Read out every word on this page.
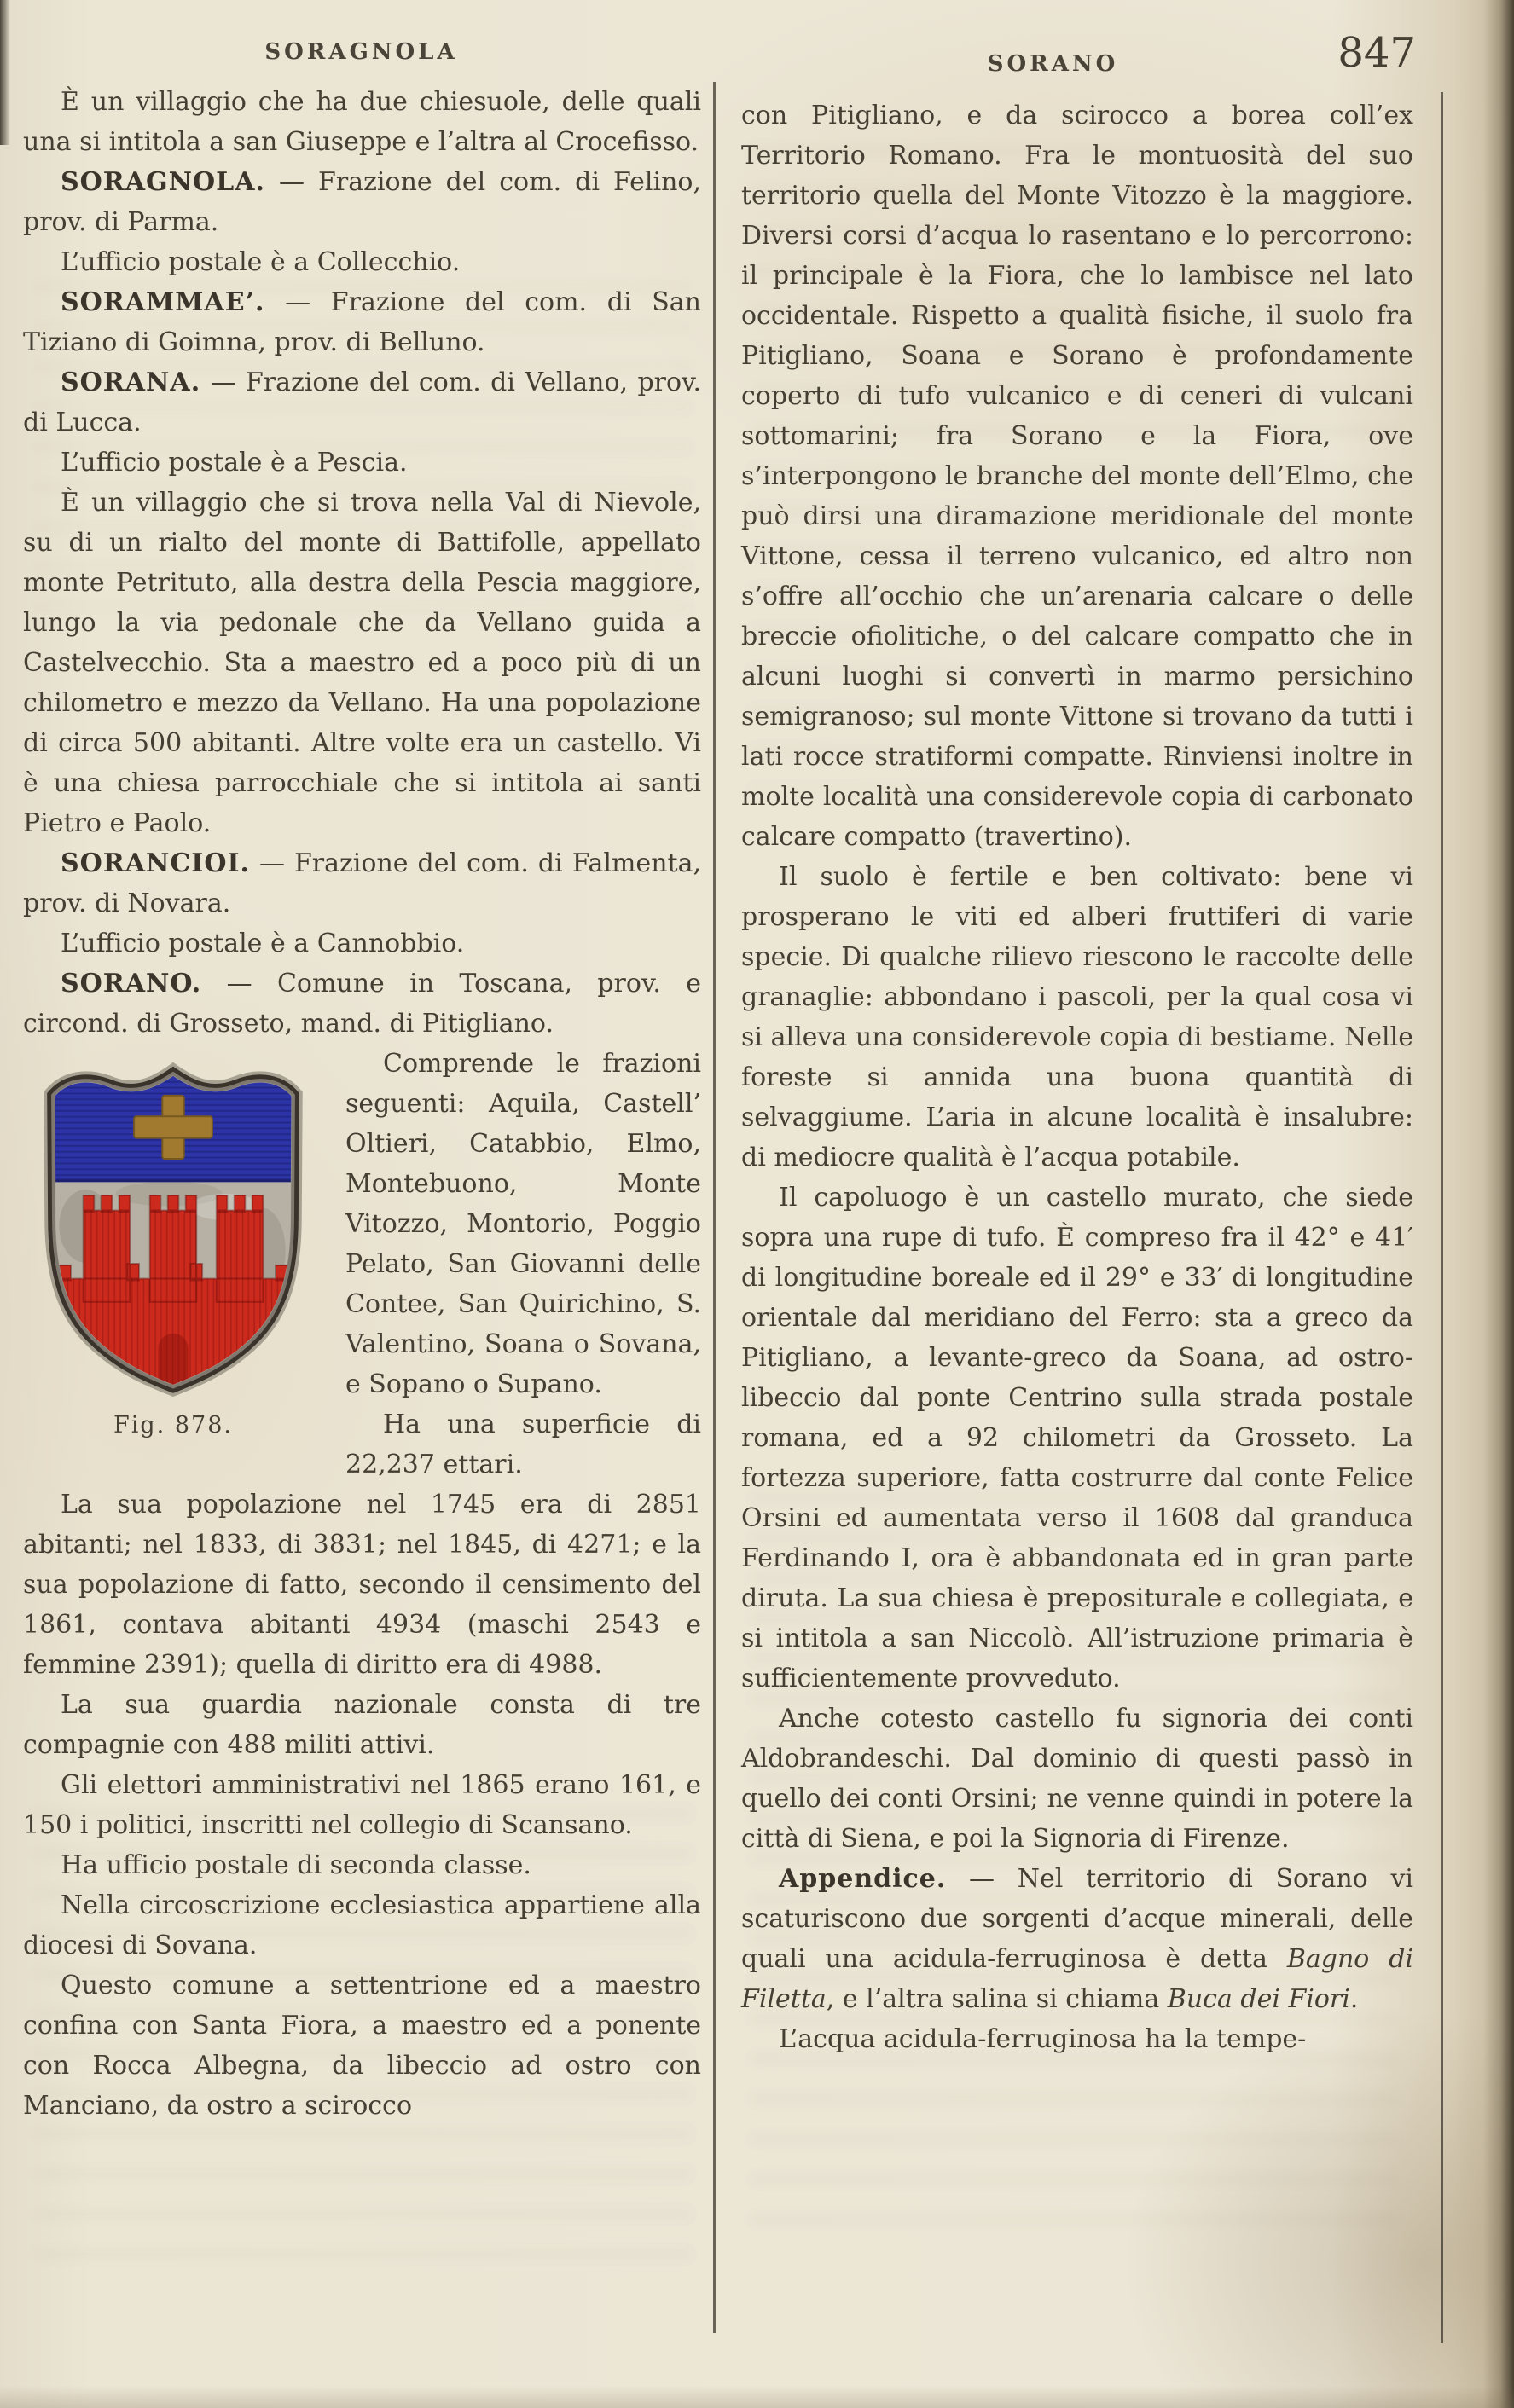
SORAGNOLA	SORANO	847

È un villaggio che ha due chiesuole, delle quali una si intitola a san Giuseppe e l’altra al Crocefisso.

SORAGNOLA. — Frazione del com. di Felino, prov. di Parma.

L’ufficio postale è a Collecchio.

SORAMMAE’. — Frazione del com. di San Tiziano di Goimna, prov. di Belluno.

SORANA. — Frazione del com. di Vellano, prov. di Lucca.

L’ufficio postale è a Pescia.

È un villaggio che si trova nella Val di Nievole, su di un rialto del monte di Battifolle, appellato monte Petrituto, alla destra della Pescia maggiore, lungo la via pedonale che da Vellano guida a Castelvecchio. Sta a maestro ed a poco più di un chilometro e mezzo da Vellano. Ha una popolazione di circa 500 abitanti. Altre volte era un castello. Vi è una chiesa parrocchiale che si intitola ai santi Pietro e Paolo.

SORANCIOI. — Frazione del com. di Falmenta, prov. di Novara.

L’ufficio postale è a Cannobbio.

SORANO. — Comune in Toscana, prov. e circond. di Grosseto, mand. di Pitigliano.

Fig. 878.

Comprende le frazioni seguenti: Aquila, Castell’ Oltieri, Catabbio, Elmo, Montebuono, Monte Vitozzo, Montorio, Poggio Pelato, San Giovanni delle Contee, San Quirichino, S. Valentino, Soana o Sovana, e Sopano o Supano.

Ha una superficie di 22,237 ettari.

La sua popolazione nel 1745 era di 2851 abitanti; nel 1833, di 3831; nel 1845, di 4271; e la sua popolazione di fatto, secondo il censimento del 1861, contava abitanti 4934 (maschi 2543 e femmine 2391); quella di diritto era di 4988.

La sua guardia nazionale consta di tre compagnie con 488 militi attivi.

Gli elettori amministrativi nel 1865 erano 161, e 150 i politici, inscritti nel collegio di Scansano.

Ha ufficio postale di seconda classe.

Nella circoscrizione ecclesiastica appartiene alla diocesi di Sovana.

Questo comune a settentrione ed a maestro confina con Santa Fiora, a maestro ed a ponente con Rocca Albegna, da libeccio ad ostro con Manciano, da ostro a scirocco

con Pitigliano, e da scirocco a borea coll’ex Territorio Romano. Fra le montuosità del suo territorio quella del Monte Vitozzo è la maggiore. Diversi corsi d’acqua lo rasentano e lo percorrono: il principale è la Fiora, che lo lambisce nel lato occidentale. Rispetto a qualità fisiche, il suolo fra Pitigliano, Soana e Sorano è profondamente coperto di tufo vulcanico e di ceneri di vulcani sottomarini; fra Sorano e la Fiora, ove s’interpongono le branche del monte dell’Elmo, che può dirsi una diramazione meridionale del monte Vittone, cessa il terreno vulcanico, ed altro non s’offre all’occhio che un’arenaria calcare o delle breccie ofiolitiche, o del calcare compatto che in alcuni luoghi si convertì in marmo persichino semigranoso; sul monte Vittone si trovano da tutti i lati rocce stratiformi compatte. Rinviensi inoltre in molte località una considerevole copia di carbonato calcare compatto (travertino).

Il suolo è fertile e ben coltivato: bene vi prosperano le viti ed alberi fruttiferi di varie specie. Di qualche rilievo riescono le raccolte delle granaglie: abbondano i pascoli, per la qual cosa vi si alleva una considerevole copia di bestiame. Nelle foreste si annida una buona quantità di selvaggiume. L’aria in alcune località è insalubre: di mediocre qualità è l’acqua potabile.

Il capoluogo è un castello murato, che siede sopra una rupe di tufo. È compreso fra il 42° e 41′ di longitudine boreale ed il 29° e 33′ di longitudine orientale dal meridiano del Ferro: sta a greco da Pitigliano, a levante-greco da Soana, ad ostro-libeccio dal ponte Centrino sulla strada postale romana, ed a 92 chilometri da Grosseto. La fortezza superiore, fatta costrurre dal conte Felice Orsini ed aumentata verso il 1608 dal granduca Ferdinando I, ora è abbandonata ed in gran parte diruta. La sua chiesa è prepositurale e collegiata, e si intitola a san Niccolò. All’istruzione primaria è sufficientemente provveduto.

Anche cotesto castello fu signoria dei conti Aldobrandeschi. Dal dominio di questi passò in quello dei conti Orsini; ne venne quindi in potere la città di Siena, e poi la Signoria di Firenze.

Appendice. — Nel territorio di Sorano vi scaturiscono due sorgenti d’acque minerali, delle quali una acidula-ferruginosa è detta Bagno di Filetta, e l’altra salina si chiama Buca dei Fiori.

L’acqua acidula-ferruginosa ha la tempe-
